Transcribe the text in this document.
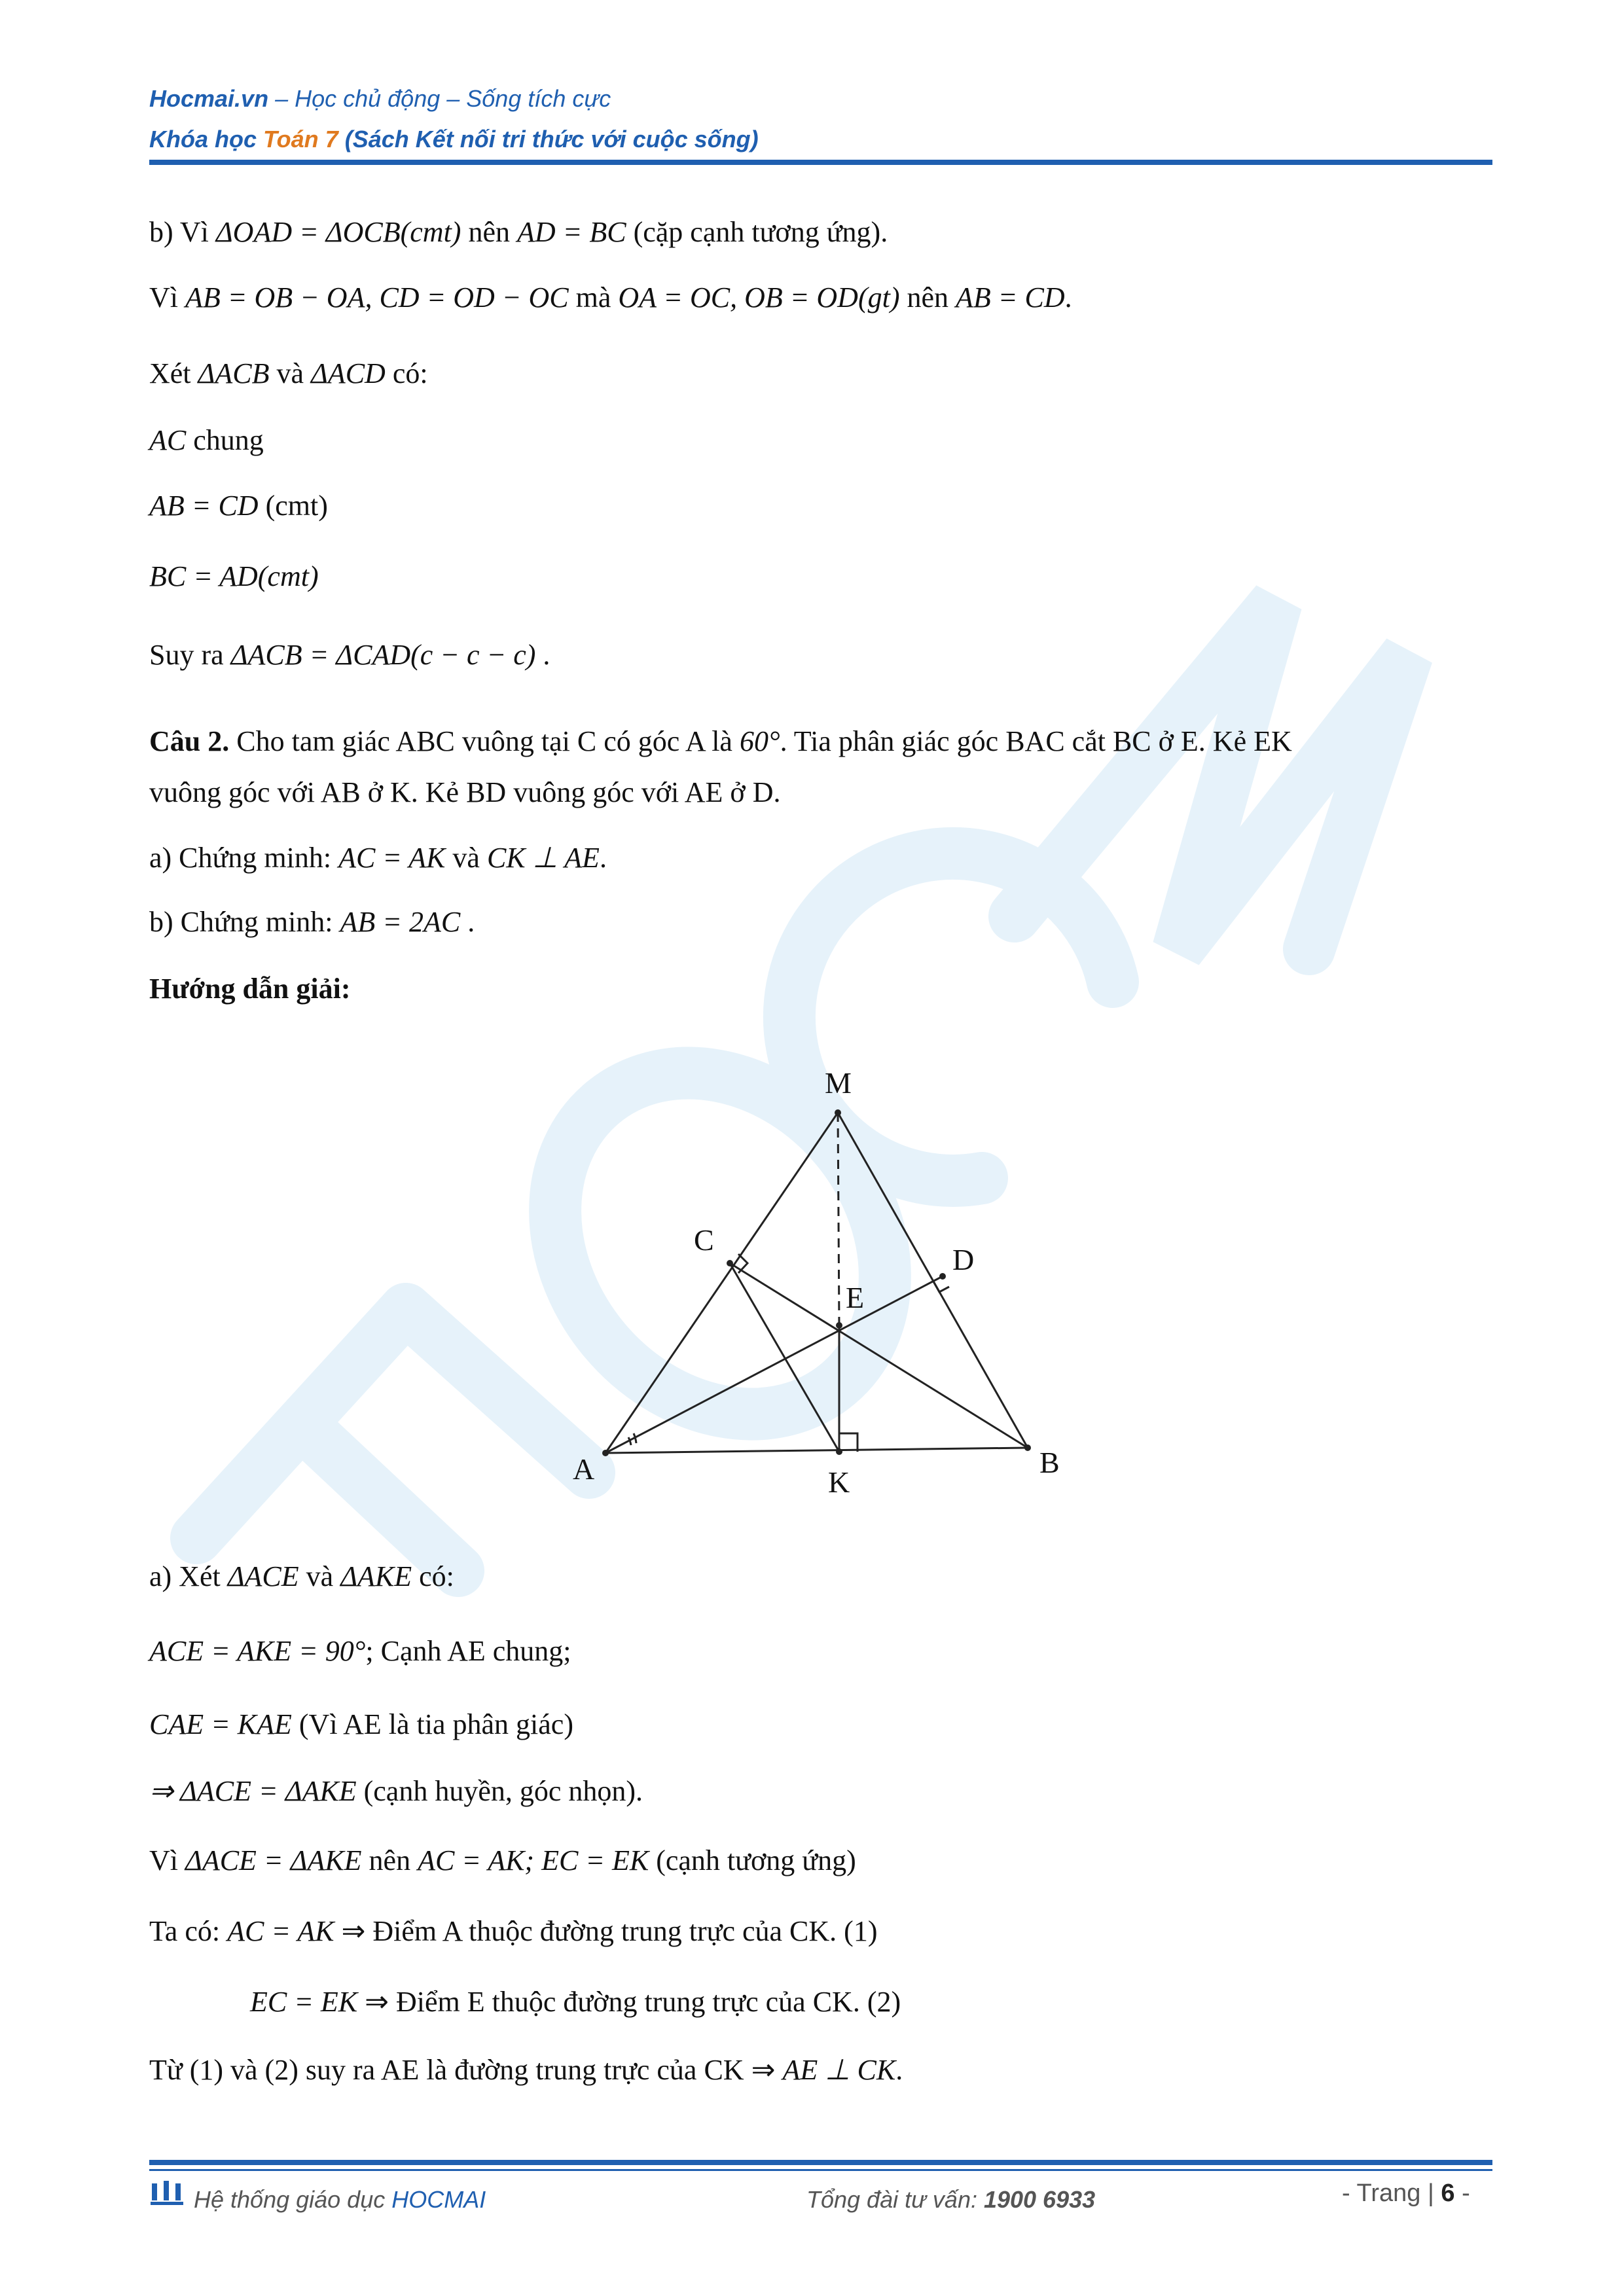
Hocmai.vn – Học chủ động – Sống tích cực
Khóa học Toán 7 (Sách Kết nối tri thức với cuộc sống)
b) Vì ΔOAD = ΔOCB(cmt) nên AD = BC (cặp cạnh tương ứng).
Vì AB = OB − OA, CD = OD − OC mà OA = OC, OB = OD(gt) nên AB = CD.
Xét ΔACB và ΔACD có:
AC chung
AB = CD (cmt)
BC = AD(cmt)
Suy ra ΔACB = ΔCAD(c − c − c) .
Câu 2. Cho tam giác ABC vuông tại C có góc A là 60°. Tia phân giác góc BAC cắt BC ở E. Kẻ EK
vuông góc với AB ở K. Kẻ BD vuông góc với AE ở D.
a) Chứng minh: AC = AK và CK ⊥ AE.
b) Chứng minh: AB = 2AC .
Hướng dẫn giải:
M
C
D
E
A	K
B
a) Xét ΔACE và ΔAKE có:
ACE = AKE = 90°; Cạnh AE chung;
CAE = KAE (Vì AE là tia phân giác)
⇒ ΔACE = ΔAKE (cạnh huyền, góc nhọn).
Vì ΔACE = ΔAKE nên AC = AK; EC = EK (cạnh tương ứng)
Ta có: AC = AK ⇒ Điểm A thuộc đường trung trực của CK. (1)
EC = EK ⇒ Điểm E thuộc đường trung trực của CK. (2)
Từ (1) và (2) suy ra AE là đường trung trực của CK ⇒ AE ⊥ CK.
Hệ thống giáo dục HOCMAI	Tổng đài tư vấn: 1900 6933	- Trang | 6 -
